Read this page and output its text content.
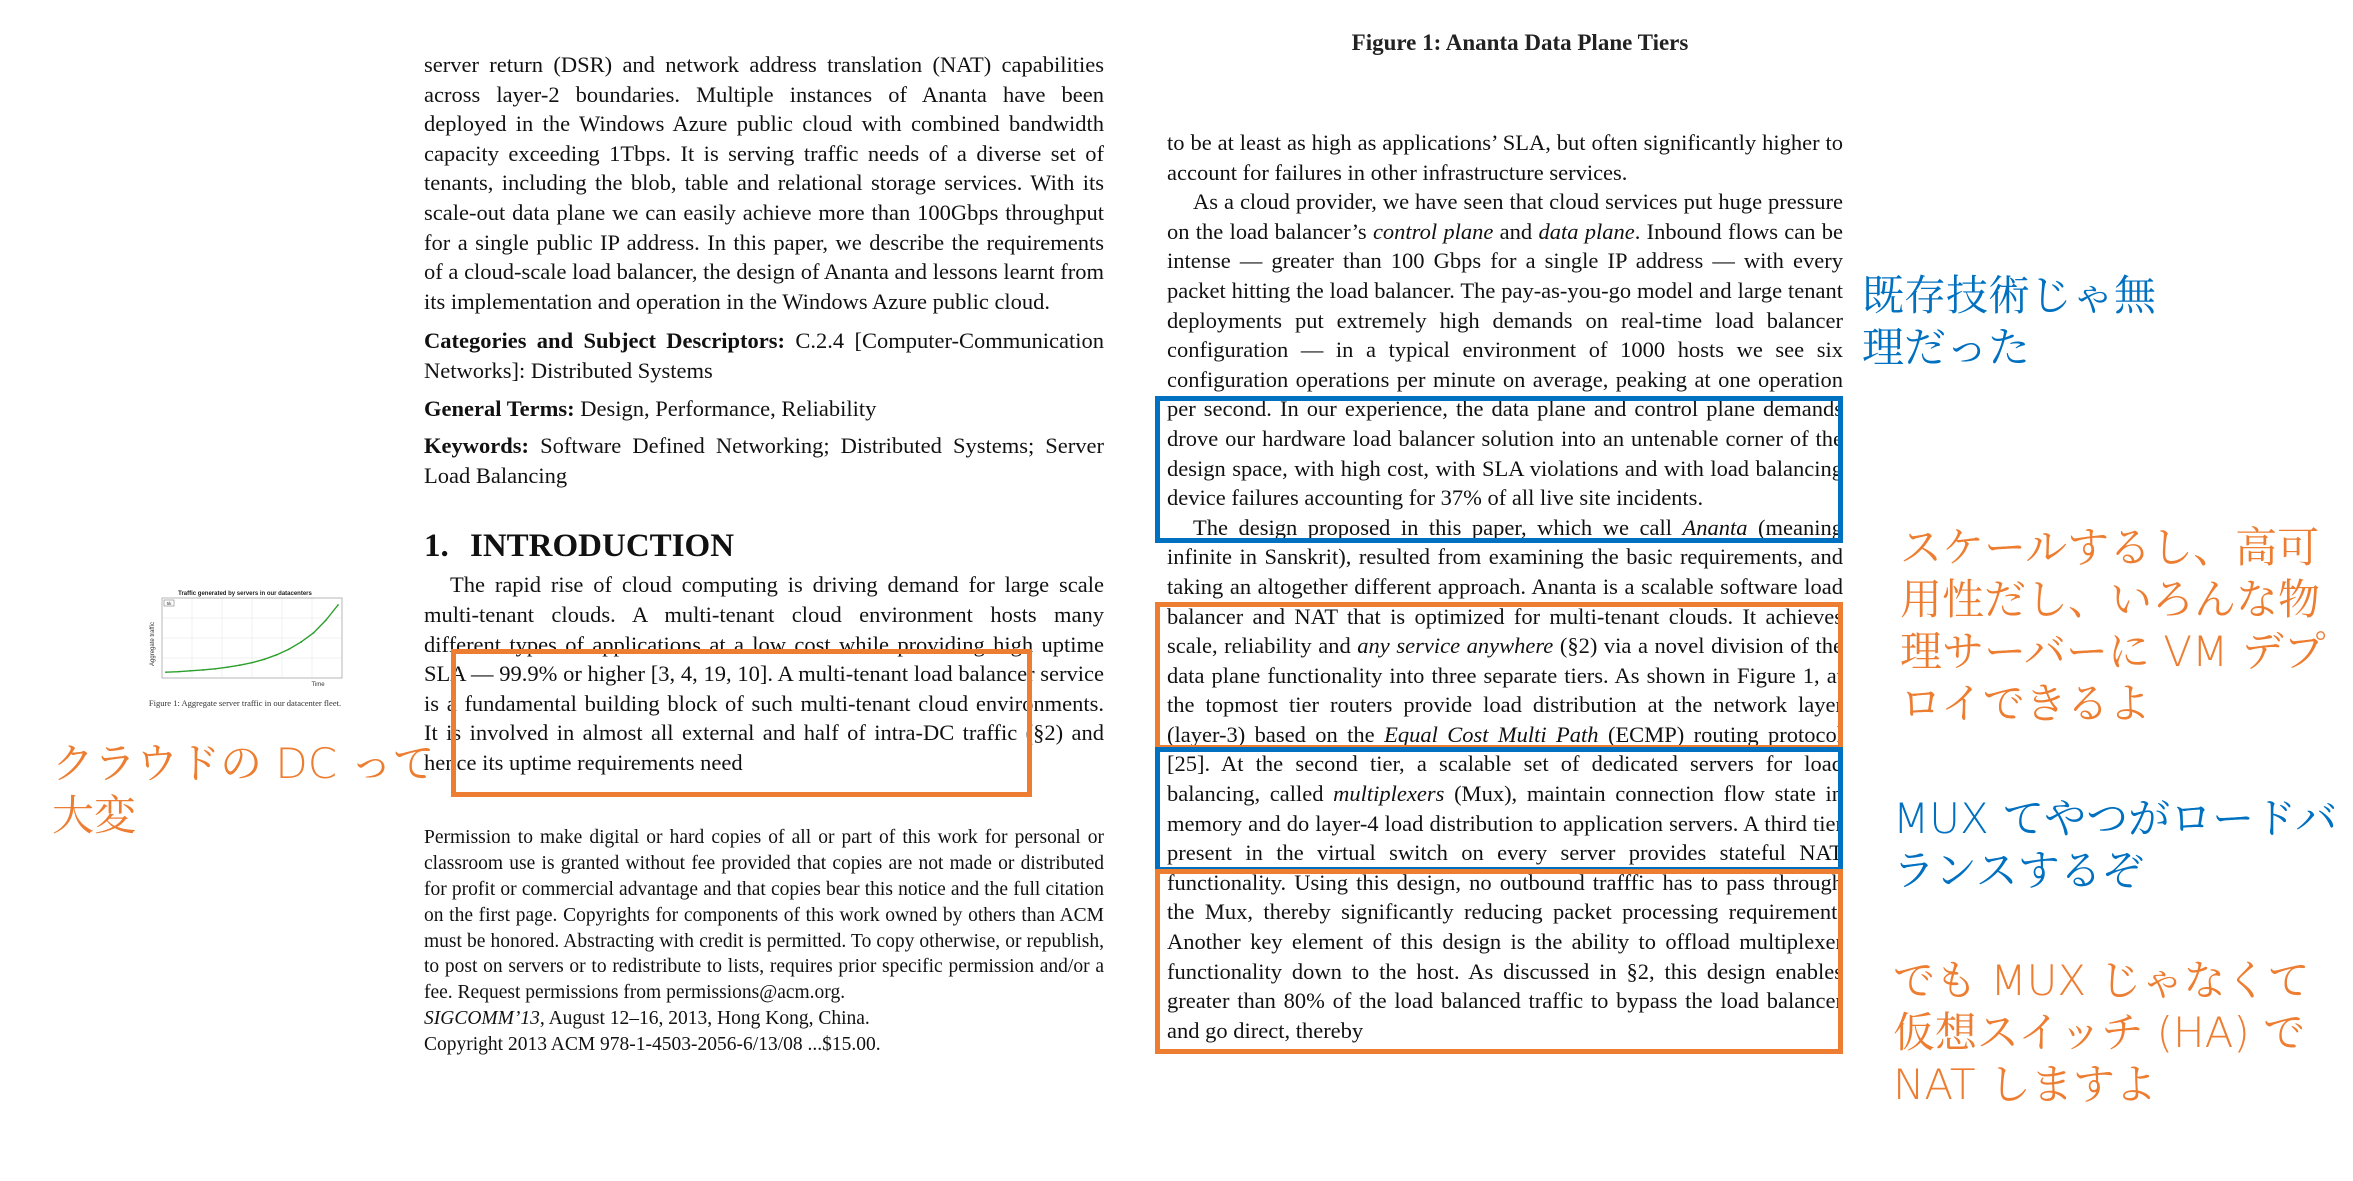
Figure 1: Ananta Data Plane Tiers

server return (DSR) and network address translation (NAT) capabilities across layer-2 boundaries. Multiple instances of Ananta have been deployed in the Windows Azure public cloud with combined bandwidth capacity exceeding 1Tbps. It is serving traffic needs of a diverse set of tenants, including the blob, table and relational storage services. With its scale-out data plane we can easily achieve more than 100Gbps throughput for a single public IP address. In this paper, we describe the requirements of a cloud-scale load balancer, the design of Ananta and lessons learnt from its implementation and operation in the Windows Azure public cloud.

Categories and Subject Descriptors: C.2.4 [Computer-Communication Networks]: Distributed Systems

General Terms: Design, Performance, Reliability

Keywords: Software Defined Networking; Distributed Systems; Server Load Balancing

1. INTRODUCTION

The rapid rise of cloud computing is driving demand for large scale multi-tenant clouds. A multi-tenant cloud environment hosts many different types of applications at a low cost while providing high uptime SLA — 99.9% or higher [3, 4, 19, 10]. A multi-tenant load balancer service is a fundamental building block of such multi-tenant cloud environments. It is involved in almost all external and half of intra-DC traffic (§2) and hence its uptime requirements need

Permission to make digital or hard copies of all or part of this work for personal or classroom use is granted without fee provided that copies are not made or distributed for profit or commercial advantage and that copies bear this notice and the full citation on the first page. Copyrights for components of this work owned by others than ACM must be honored. Abstracting with credit is permitted. To copy otherwise, or republish, to post on servers or to redistribute to lists, requires prior specific permission and/or a fee. Request permissions from permissions@acm.org.

SIGCOMM’13, August 12–16, 2013, Hong Kong, China.

Copyright 2013 ACM 978-1-4503-2056-6/13/08 ...$15.00.

to be at least as high as applications’ SLA, but often significantly higher to account for failures in other infrastructure services.

As a cloud provider, we have seen that cloud services put huge pressure on the load balancer’s control plane and data plane. Inbound flows can be intense — greater than 100 Gbps for a single IP address — with every packet hitting the load balancer. The pay-as-you-go model and large tenant deployments put extremely high demands on real-time load balancer configuration — in a typical environment of 1000 hosts we see six configuration operations per minute on average, peaking at one operation per second. In our experience, the data plane and control plane demands drove our hardware load balancer solution into an untenable corner of the design space, with high cost, with SLA violations and with load balancing device failures accounting for 37% of all live site incidents.

The design proposed in this paper, which we call Ananta (meaning infinite in Sanskrit), resulted from examining the basic requirements, and taking an altogether different approach. Ananta is a scalable software load balancer and NAT that is optimized for multi-tenant clouds. It achieves scale, reliability and any service anywhere (§2) via a novel division of the data plane functionality into three separate tiers. As shown in Figure 1, at the topmost tier routers provide load distribution at the network layer (layer-3) based on the Equal Cost Multi Path (ECMP) routing protocol [25]. At the second tier, a scalable set of dedicated servers for load balancing, called multiplexers (Mux), maintain connection flow state in memory and do layer-4 load distribution to application servers. A third tier present in the virtual switch on every server provides stateful NAT functionality. Using this design, no outbound trafffic has to pass through the Mux, thereby significantly reducing packet processing requirement. Another key element of this design is the ability to offload multiplexer functionality down to the host. As discussed in §2, this design enables greater than 80% of the load balanced traffic to bypass the load balancer and go direct, thereby

クラウドの DC って
大変
既存技術じゃ無
理だった
スケールするし、高可
用性だし、いろんな物
理サーバーに VM デプ
ロイできるよ
MUX てやつがロードバ
ランスするぞ
でも MUX じゃなくて
仮想スイッチ (HA) で
NAT しますよ
Traffic generated by servers in our datacenters
Aggregate traffic
Time
5k
Figure 1: Aggregate server traffic in our datacenter fleet.
